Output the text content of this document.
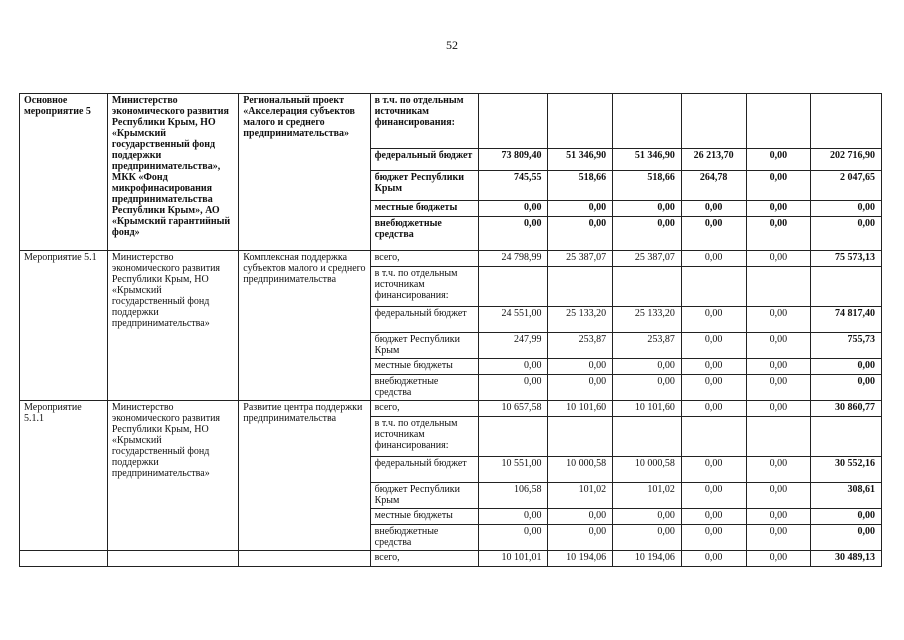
52
Основное мероприятие 5	Министерство экономического развития Республики Крым, НО «Крымский государственный фонд поддержки предпринимательства», МКК «Фонд микрофинасирования предпринимательства Республики Крым», АО «Крымский гарантийный фонд»	Региональный проект «Акселерация субъектов малого и среднего предпринимательства»	в т.ч. по отдельным источникам финансирования:						
			федеральный бюджет	73 809,40	51 346,90	51 346,90	26 213,70	0,00	202 716,90
			бюджет Республики Крым	745,55	518,66	518,66	264,78	0,00	2 047,65
			местные бюджеты	0,00	0,00	0,00	0,00	0,00	0,00
			внебюджетные средства	0,00	0,00	0,00	0,00	0,00	0,00
Мероприятие 5.1	Министерство экономического развития Республики Крым, НО «Крымский государственный фонд поддержки предпринимательства»	Комплексная поддержка субъектов малого и среднего предпринимательства	всего,	24 798,99	25 387,07	25 387,07	0,00	0,00	75 573,13
			в т.ч. по отдельным источникам финансирования:						
			федеральный бюджет	24 551,00	25 133,20	25 133,20	0,00	0,00	74 817,40
			бюджет Республики Крым	247,99	253,87	253,87	0,00	0,00	755,73
			местные бюджеты	0,00	0,00	0,00	0,00	0,00	0,00
			внебюджетные средства	0,00	0,00	0,00	0,00	0,00	0,00
Мероприятие 5.1.1	Министерство экономического развития Республики Крым, НО «Крымский государственный фонд поддержки предпринимательства»	Развитие центра поддержки предпринимательства	всего,	10 657,58	10 101,60	10 101,60	0,00	0,00	30 860,77
			в т.ч. по отдельным источникам финансирования:						
			федеральный бюджет	10 551,00	10 000,58	10 000,58	0,00	0,00	30 552,16
			бюджет Республики Крым	106,58	101,02	101,02	0,00	0,00	308,61
			местные бюджеты	0,00	0,00	0,00	0,00	0,00	0,00
			внебюджетные средства	0,00	0,00	0,00	0,00	0,00	0,00
			всего,	10 101,01	10 194,06	10 194,06	0,00	0,00	30 489,13
